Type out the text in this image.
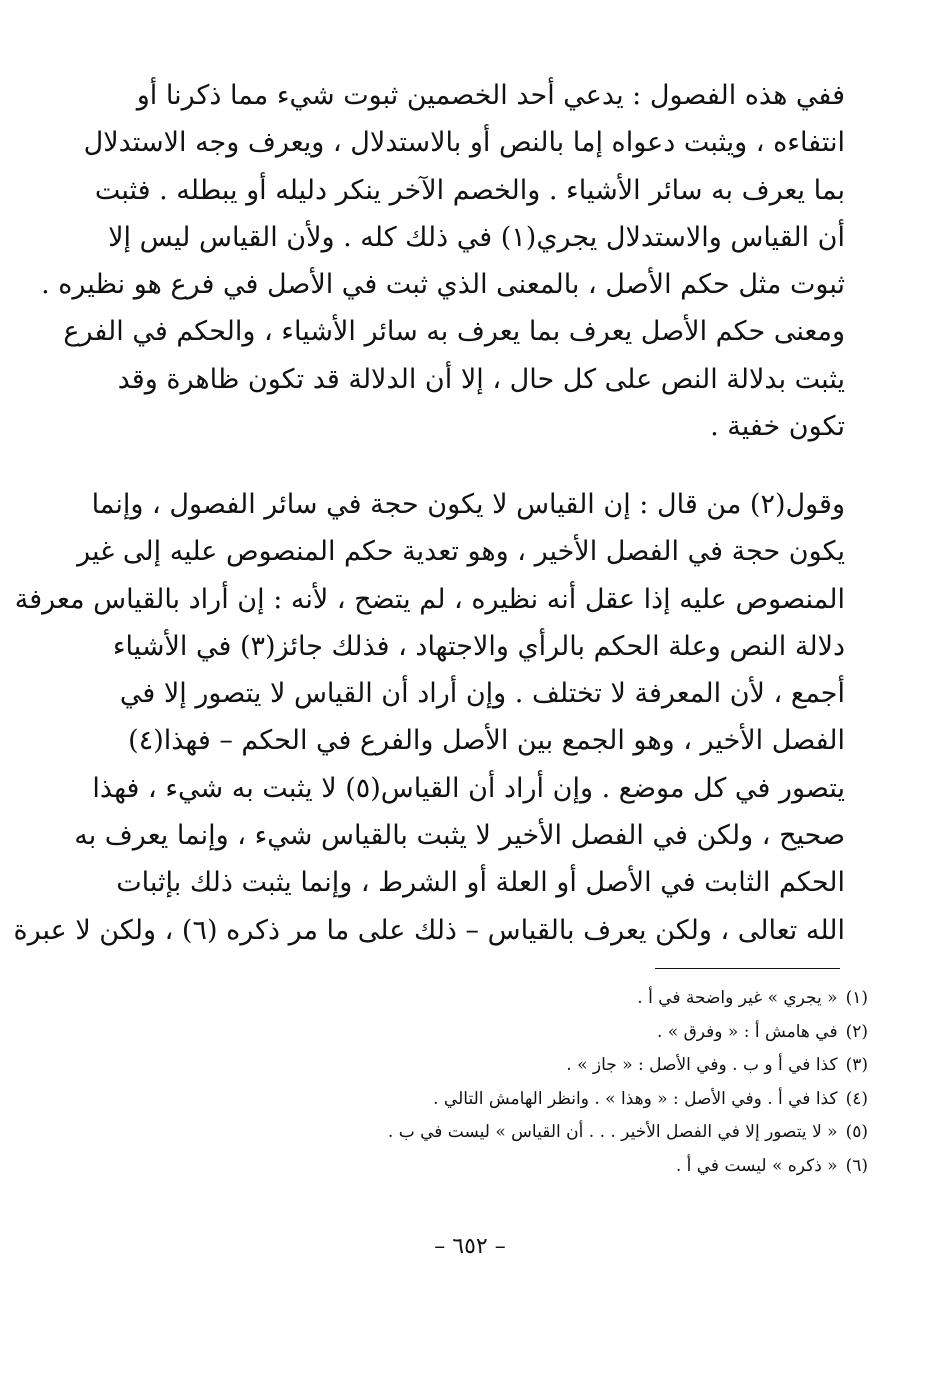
ففي هذه الفصول : يدعي أحد الخصمين ثبوت شيء مما ذكرنا أو
انتفاءه ، ويثبت دعواه إما بالنص أو بالاستدلال ، ويعرف وجه الاستدلال
بما يعرف به سائر الأشياء . والخصم الآخر ينكر دليله أو يبطله . فثبت
أن القياس والاستدلال يجري(١) في ذلك كله . ولأن القياس ليس إلا
ثبوت مثل حكم الأصل ، بالمعنى الذي ثبت في الأصل في فرع هو نظيره .
ومعنى حكم الأصل يعرف بما يعرف به سائر الأشياء ، والحكم في الفرع
يثبت بدلالة النص على كل حال ، إلا أن الدلالة قد تكون ظاهرة وقد
تكون خفية .
وقول(٢) من قال : إن القياس لا يكون حجة في سائر الفصول ، وإنما
يكون حجة في الفصل الأخير ، وهو تعدية حكم المنصوص عليه إلى غير
المنصوص عليه إذا عقل أنه نظيره ، لم يتضح ، لأنه : إن أراد بالقياس معرفة
دلالة النص وعلة الحكم بالرأي والاجتهاد ، فذلك جائز(٣) في الأشياء
أجمع ، لأن المعرفة لا تختلف . وإن أراد أن القياس لا يتصور إلا في
الفصل الأخير ، وهو الجمع بين الأصل والفرع في الحكم – فهذا(٤)
يتصور في كل موضع . وإن أراد أن القياس(٥) لا يثبت به شيء ، فهذا
صحيح ، ولكن في الفصل الأخير لا يثبت بالقياس شيء ، وإنما يعرف به
الحكم الثابت في الأصل أو العلة أو الشرط ، وإنما يثبت ذلك بإثبات
الله تعالى ، ولكن يعرف بالقياس – ذلك على ما مر ذكره (٦) ، ولكن لا عبرة
(١)« يجري » غير واضحة في أ .
(٢)في هامش أ : « وفرق » .
(٣)كذا في أ و ب . وفي الأصل : « جاز » .
(٤)كذا في أ . وفي الأصل : « وهذا » . وانظر الهامش التالي .
(٥)« لا يتصور إلا في الفصل الأخير . . . أن القياس » ليست في ب .
(٦)« ذكره » ليست في أ .
– ٦٥٢ –
